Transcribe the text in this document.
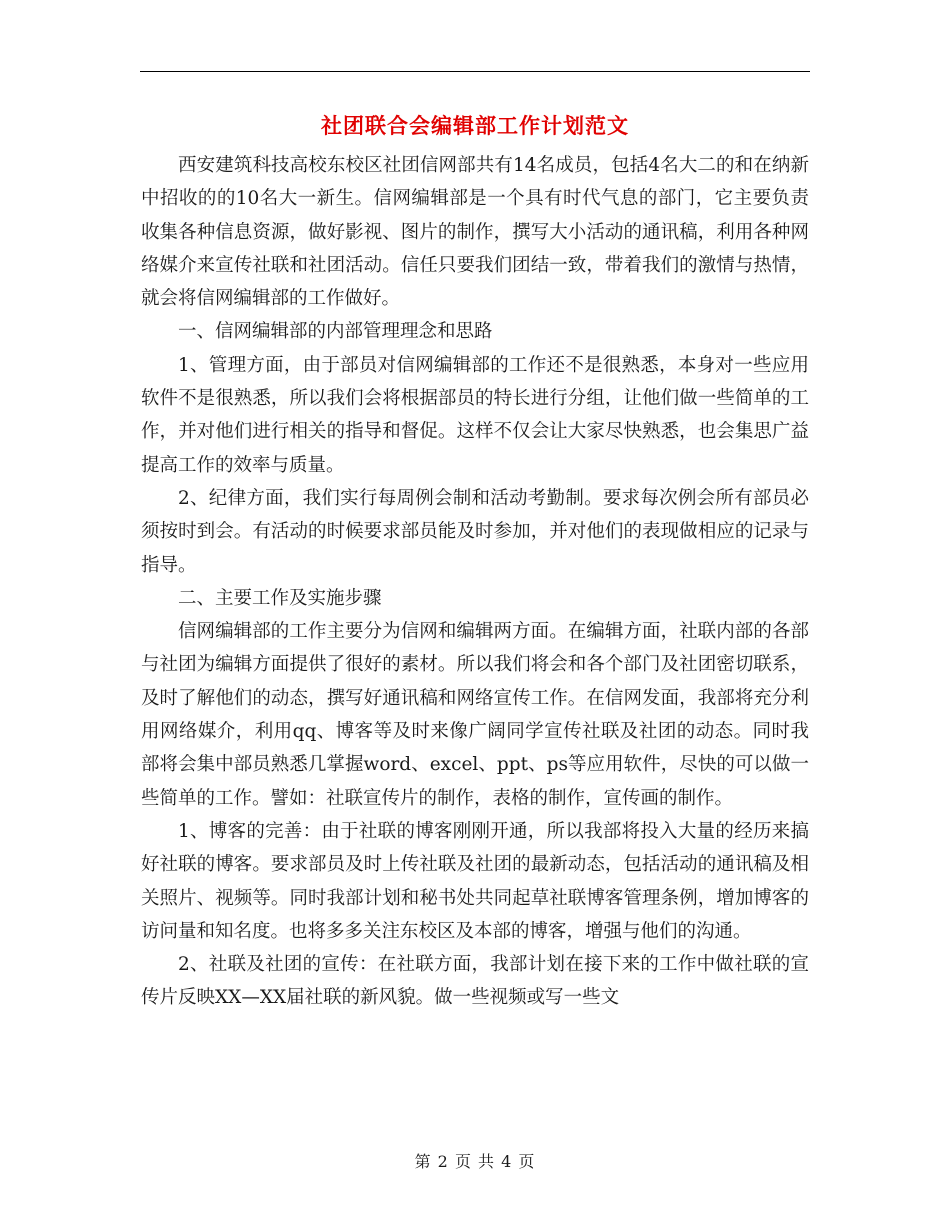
社团联合会编辑部工作计划范文

西安建筑科技高校东校区社团信网部共有14名成员，包括4名大二的和在纳新中招收的的10名大一新生。信网编辑部是一个具有时代气息的部门，它主要负责收集各种信息资源，做好影视、图片的制作，撰写大小活动的通讯稿，利用各种网络媒介来宣传社联和社团活动。信任只要我们团结一致，带着我们的激情与热情，就会将信网编辑部的工作做好。

一、信网编辑部的内部管理理念和思路

1、管理方面，由于部员对信网编辑部的工作还不是很熟悉，本身对一些应用软件不是很熟悉，所以我们会将根据部员的特长进行分组，让他们做一些简单的工作，并对他们进行相关的指导和督促。这样不仅会让大家尽快熟悉，也会集思广益提高工作的效率与质量。

2、纪律方面，我们实行每周例会制和活动考勤制。要求每次例会所有部员必须按时到会。有活动的时候要求部员能及时参加，并对他们的表现做相应的记录与指导。

二、主要工作及实施步骤

信网编辑部的工作主要分为信网和编辑两方面。在编辑方面，社联内部的各部与社团为编辑方面提供了很好的素材。所以我们将会和各个部门及社团密切联系，及时了解他们的动态，撰写好通讯稿和网络宣传工作。在信网发面，我部将充分利用网络媒介，利用qq、博客等及时来像广阔同学宣传社联及社团的动态。同时我部将会集中部员熟悉几掌握word、excel、ppt、ps等应用软件，尽快的可以做一些简单的工作。譬如：社联宣传片的制作，表格的制作，宣传画的制作。

1、博客的完善：由于社联的博客刚刚开通，所以我部将投入大量的经历来搞好社联的博客。要求部员及时上传社联及社团的最新动态，包括活动的通讯稿及相关照片、视频等。同时我部计划和秘书处共同起草社联博客管理条例，增加博客的访问量和知名度。也将多多关注东校区及本部的博客，增强与他们的沟通。

2、社联及社团的宣传：在社联方面，我部计划在接下来的工作中做社联的宣传片反映XX—XX届社联的新风貌。做一些视频或写一些文

第 2 页 共 4 页
